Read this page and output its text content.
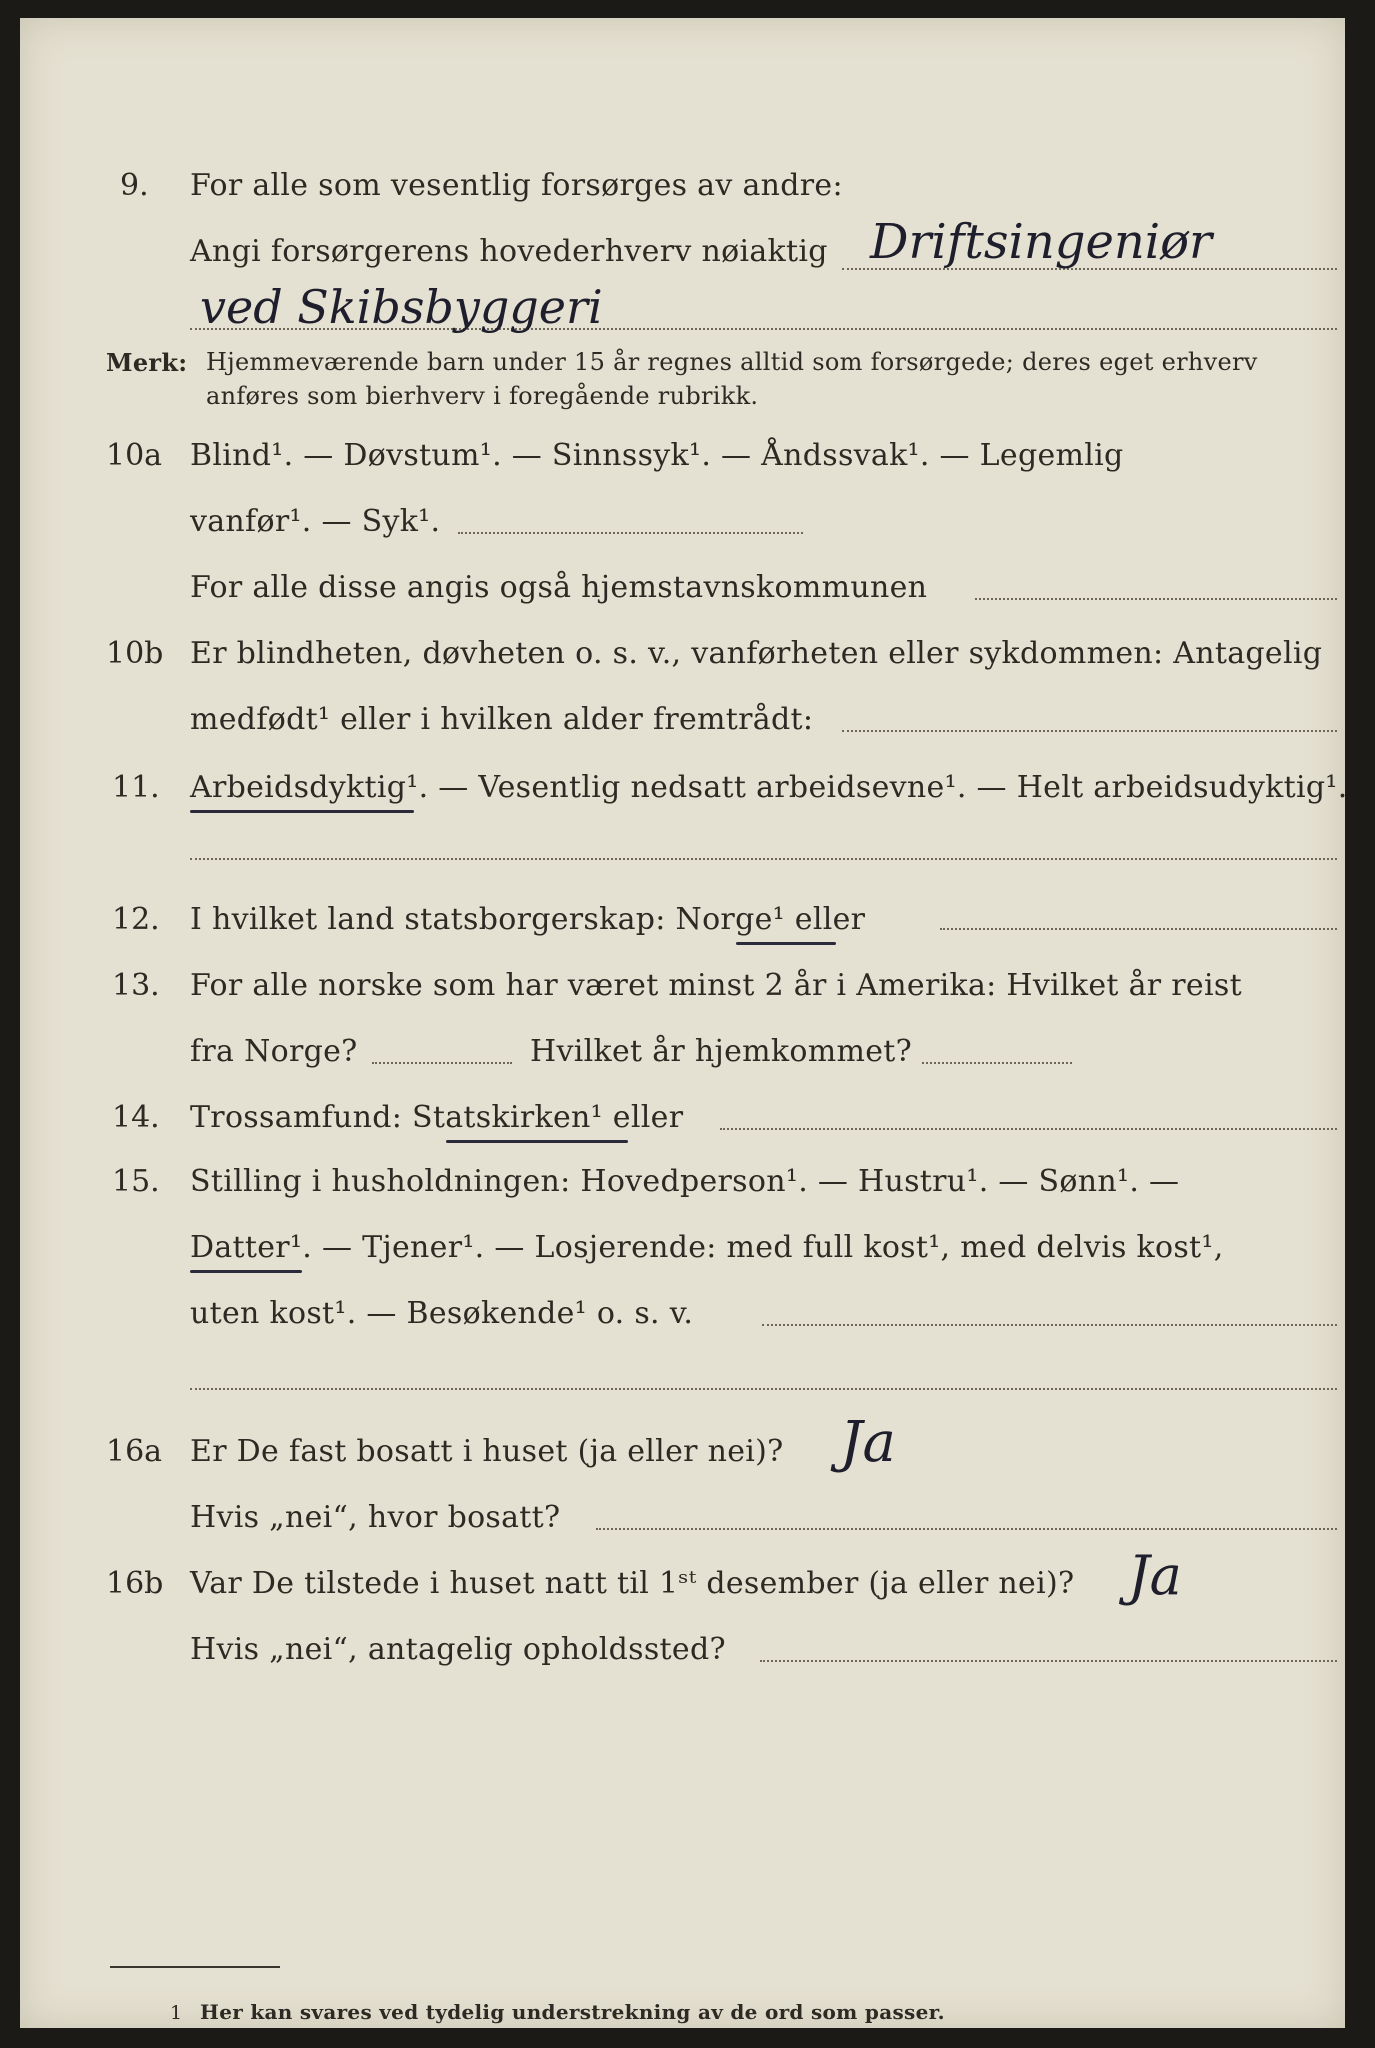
9. For alle som vesentlig forsørges av andre:
Angi forsørgerens hovederhverv nøiaktig Driftsingeniør
ved Skibsbyggeri
Merk: Hjemmeværende barn under 15 år regnes alltid som forsørgede; deres eget erhverv
anføres som bierhverv i foregående rubrikk.
10a Blind¹. — Døvstum¹. — Sinnssyk¹. — Åndssvak¹. — Legemlig
vanfør¹. — Syk¹.
For alle disse angis også hjemstavnskommunen
10b Er blindheten, døvheten o. s. v., vanførheten eller sykdommen: Antagelig
medfødt¹ eller i hvilken alder fremtrådt:
11. Arbeidsdyktig¹. — Vesentlig nedsatt arbeidsevne¹. — Helt arbeidsudyktig¹.
12. I hvilket land statsborgerskap: Norge¹ eller
13. For alle norske som har været minst 2 år i Amerika: Hvilket år reist
fra Norge?	Hvilket år hjemkommet?
14. Trossamfund: Statskirken¹ eller
15. Stilling i husholdningen: Hovedperson¹. — Hustru¹. — Sønn¹. —
Datter¹. — Tjener¹. — Losjerende: med full kost¹, med delvis kost¹,
uten kost¹. — Besøkende¹ o. s. v.
16a Er De fast bosatt i huset (ja eller nei)? Ja
Hvis „nei“, hvor bosatt?
16b Var De tilstede i huset natt til 1ˢᵗ desember (ja eller nei)? Ja
Hvis „nei“, antagelig opholdssted?
1 Her kan svares ved tydelig understrekning av de ord som passer.
